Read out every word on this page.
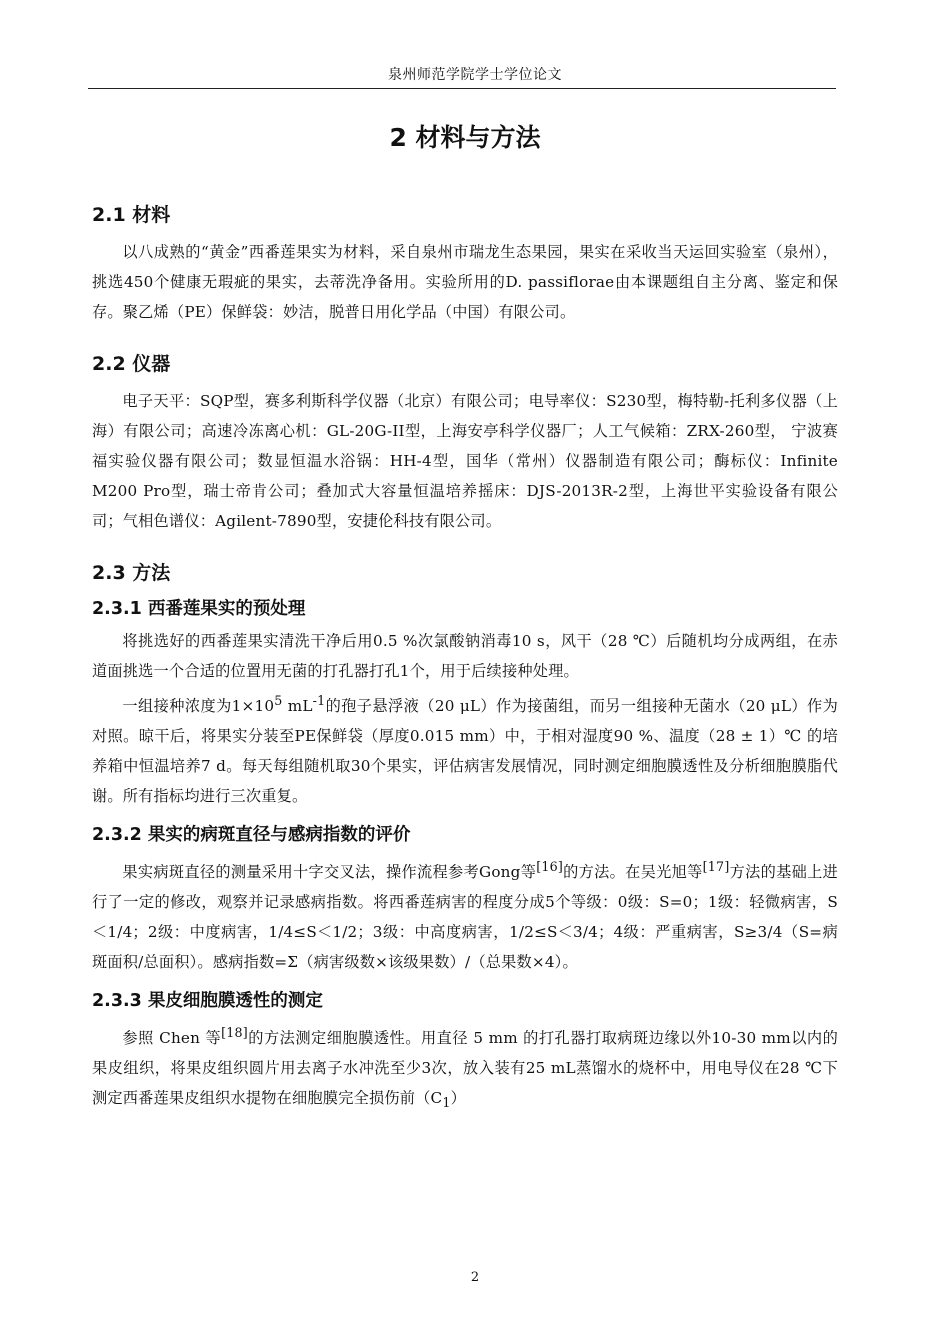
泉州师范学院学士学位论文
2 材料与方法
2.1 材料

以八成熟的“黄金”西番莲果实为材料，采自泉州市瑞龙生态果园，果实在采收当天运回实验室（泉州），挑选450个健康无瑕疵的果实，去蒂洗净备用。实验所用的D. passiflorae由本课题组自主分离、鉴定和保存。聚乙烯（PE）保鲜袋：妙洁，脱普日用化学品（中国）有限公司。

2.2 仪器

电子天平：SQP型，赛多利斯科学仪器（北京）有限公司；电导率仪：S230型，梅特勒-托利多仪器（上海）有限公司；高速冷冻离心机：GL-20G-II型，上海安亭科学仪器厂；人工气候箱：ZRX-260型， 宁波赛福实验仪器有限公司；数显恒温水浴锅：HH-4型，国华（常州）仪器制造有限公司；酶标仪：Infinite M200 Pro型，瑞士帝肯公司；叠加式大容量恒温培养摇床：DJS-2013R-2型，上海世平实验设备有限公司；气相色谱仪：Agilent-7890型，安捷伦科技有限公司。

2.3 方法
2.3.1 西番莲果实的预处理

将挑选好的西番莲果实清洗干净后用0.5 %次氯酸钠消毒10 s，风干（28 ℃）后随机均分成两组，在赤道面挑选一个合适的位置用无菌的打孔器打孔1个，用于后续接种处理。

一组接种浓度为$1\times 10^5$ $mL^{-1}$的孢子悬浮液（20 μL）作为接菌组，而另一组接种无菌水（20 μL）作为对照。晾干后，将果实分装至PE保鲜袋（厚度0.015 mm）中，于相对湿度90 %、温度（28 ± 1）℃ 的培养箱中恒温培养7 d。每天每组随机取30个果实，评估病害发展情况，同时测定细胞膜透性及分析细胞膜脂代谢。所有指标均进行三次重复。

2.3.2 果实的病斑直径与感病指数的评价

果实病斑直径的测量采用十字交叉法，操作流程参考Gong等[16]的方法。在吴光旭等[17]方法的基础上进行了一定的修改，观察并记录感病指数。将西番莲病害的程度分成5个等级：0级：S=0；1级：轻微病害，S＜1/4；2级：中度病害，1/4≤S＜1/2；3级：中高度病害，1/2≤S＜3/4；4级：严重病害，S≥3/4（S=病斑面积/总面积）。感病指数=Σ（病害级数×该级果数）/（总果数×4）。

2.3.3 果皮细胞膜透性的测定

参照 Chen 等[18]的方法测定细胞膜透性。用直径 5 mm 的打孔器打取病斑边缘以外10-30 mm以内的果皮组织，将果皮组织圆片用去离子水冲洗至少3次，放入装有25 mL蒸馏水的烧杯中，用电导仪在28 ℃下测定西番莲果皮组织水提物在细胞膜完全损伤前$(C_1)$

2
